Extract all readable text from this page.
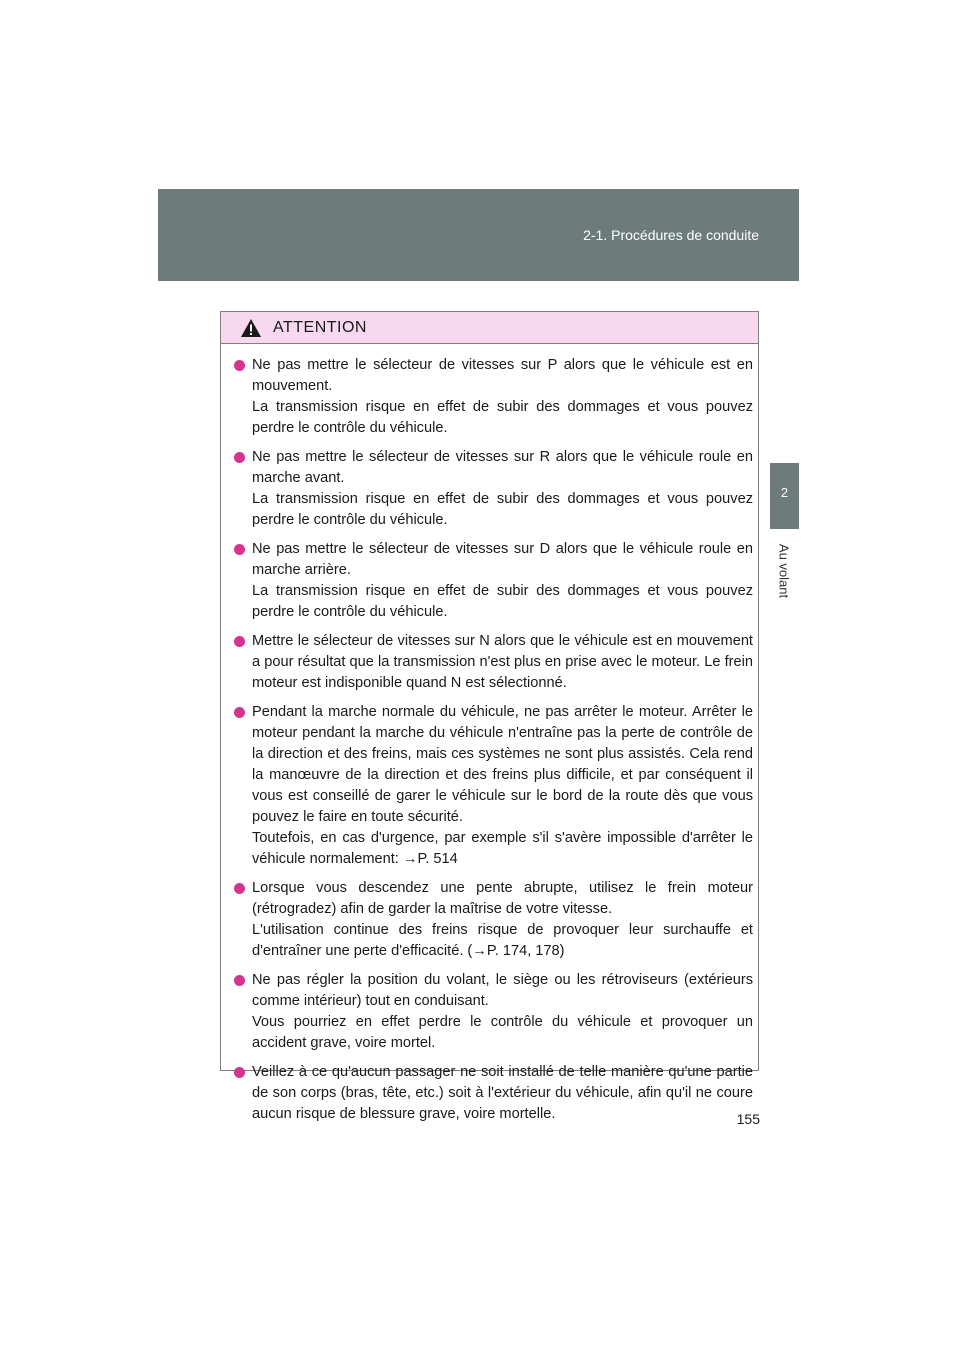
2-1. Procédures de conduite
2
Au volant
ATTENTION

Ne pas mettre le sélecteur de vitesses sur P alors que le véhicule est en mouvement.

La transmission risque en effet de subir des dommages et vous pouvez perdre le contrôle du véhicule.

Ne pas mettre le sélecteur de vitesses sur R alors que le véhicule roule en marche avant.

La transmission risque en effet de subir des dommages et vous pouvez perdre le contrôle du véhicule.

Ne pas mettre le sélecteur de vitesses sur D alors que le véhicule roule en marche arrière.

La transmission risque en effet de subir des dommages et vous pouvez perdre le contrôle du véhicule.

Mettre le sélecteur de vitesses sur N alors que le véhicule est en mouvement a pour résultat que la transmission n'est plus en prise avec le moteur. Le frein moteur est indisponible quand N est sélectionné.

Pendant la marche normale du véhicule, ne pas arrêter le moteur. Arrêter le moteur pendant la marche du véhicule n'entraîne pas la perte de contrôle de la direction et des freins, mais ces systèmes ne sont plus assistés. Cela rend la manœuvre de la direction et des freins plus difficile, et par conséquent il vous est conseillé de garer le véhicule sur le bord de la route dès que vous pouvez le faire en toute sécurité.

Toutefois, en cas d'urgence, par exemple s'il s'avère impossible d'arrêter le véhicule normalement: →P. 514

Lorsque vous descendez une pente abrupte, utilisez le frein moteur (rétrogradez) afin de garder la maîtrise de votre vitesse.

L'utilisation continue des freins risque de provoquer leur surchauffe et d'entraîner une perte d'efficacité. (→P. 174, 178)

Ne pas régler la position du volant, le siège ou les rétroviseurs (extérieurs comme intérieur) tout en conduisant.

Vous pourriez en effet perdre le contrôle du véhicule et provoquer un accident grave, voire mortel.

Veillez à ce qu'aucun passager ne soit installé de telle manière qu'une partie de son corps (bras, tête, etc.) soit à l'extérieur du véhicule, afin qu'il ne coure aucun risque de blessure grave, voire mortelle.	155
